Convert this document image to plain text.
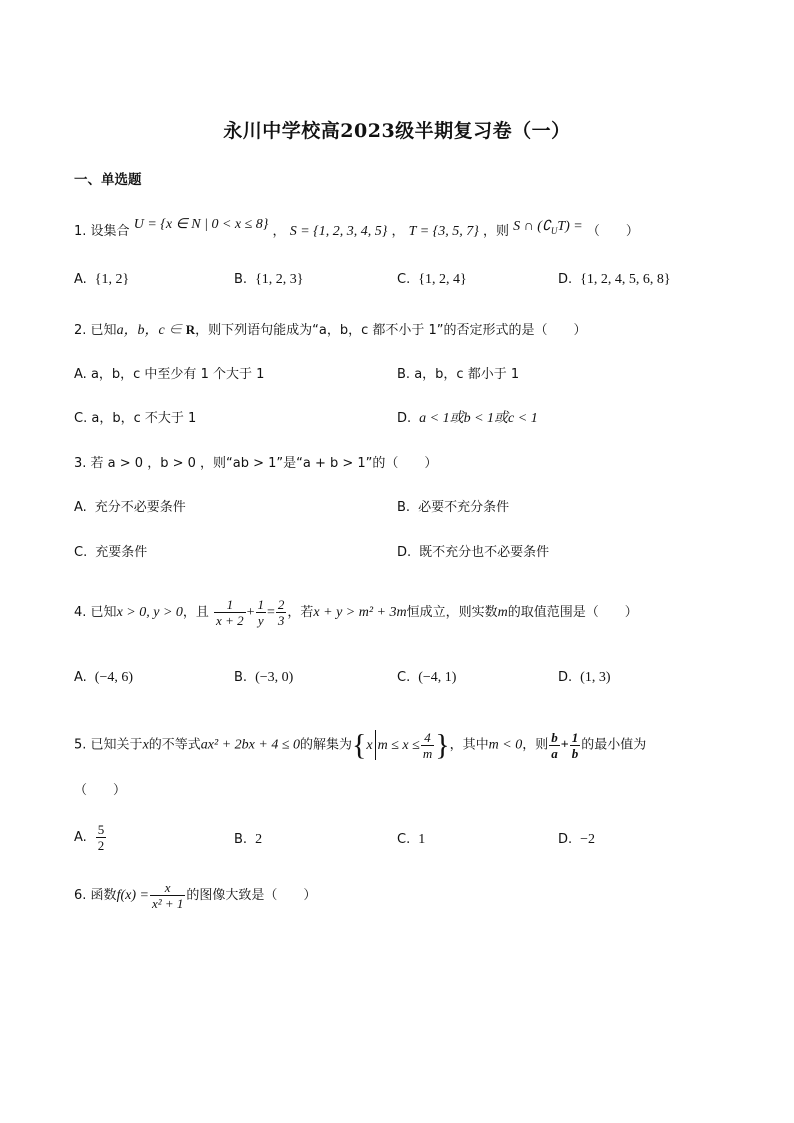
永川中学校高2023级半期复习卷（一）
一、单选题
1. 设集合 U = {x ∈ N | 0 < x ≤ 8} ， S = {1, 2, 3, 4, 5} ， T = {3, 5, 7} ，则 S ∩ $(∁_UT)$ = （　　）
A. {1, 2}	B. {1, 2, 3}	C. {1, 2, 4}	D. {1, 2, 4, 5, 6, 8}
2. 已知a，b，c ∈ R，则下列语句能成为“a，b，c 都不小于 1”的否定形式的是（　　）
A. a，b，c 中至少有 1 个大于 1	B. a，b，c 都小于 1
C. a，b，c 不大于 1	D. a < 1或b < 1或c < 1
3. 若 a > 0 ，b > 0 ，则“ab > 1”是“a + b > 1”的（　　）
A. 充分不必要条件	B. 必要不充分条件
C. 充要条件	D. 既不充分也不必要条件
4. 已知x > 0, y > 0，且 $\frac{1}{x + 2} + \frac{1}{y} = \frac{2}{3}$ ，若x + y > m² + 3m恒成立，则实数m的取值范围是（　　）
A. (−4, 6)	B. (−3, 0)	C. (−4, 1)	D. (1, 3)
5. 已知关于x的不等式ax² + 2bx + 4 ≤ 0的解集为{x $m \le x \le \frac{4}{m}$ }，其中m < 0，则 $\frac{b}{a} + \frac{1}{b}$ 的最小值为
（　　）
A. $\frac{5}{2}$	B. 2	C. 1	D. −2
6. 函数$f(x) = \frac{x}{\text{x² + 1}}$ 的图像大致是（　　）
